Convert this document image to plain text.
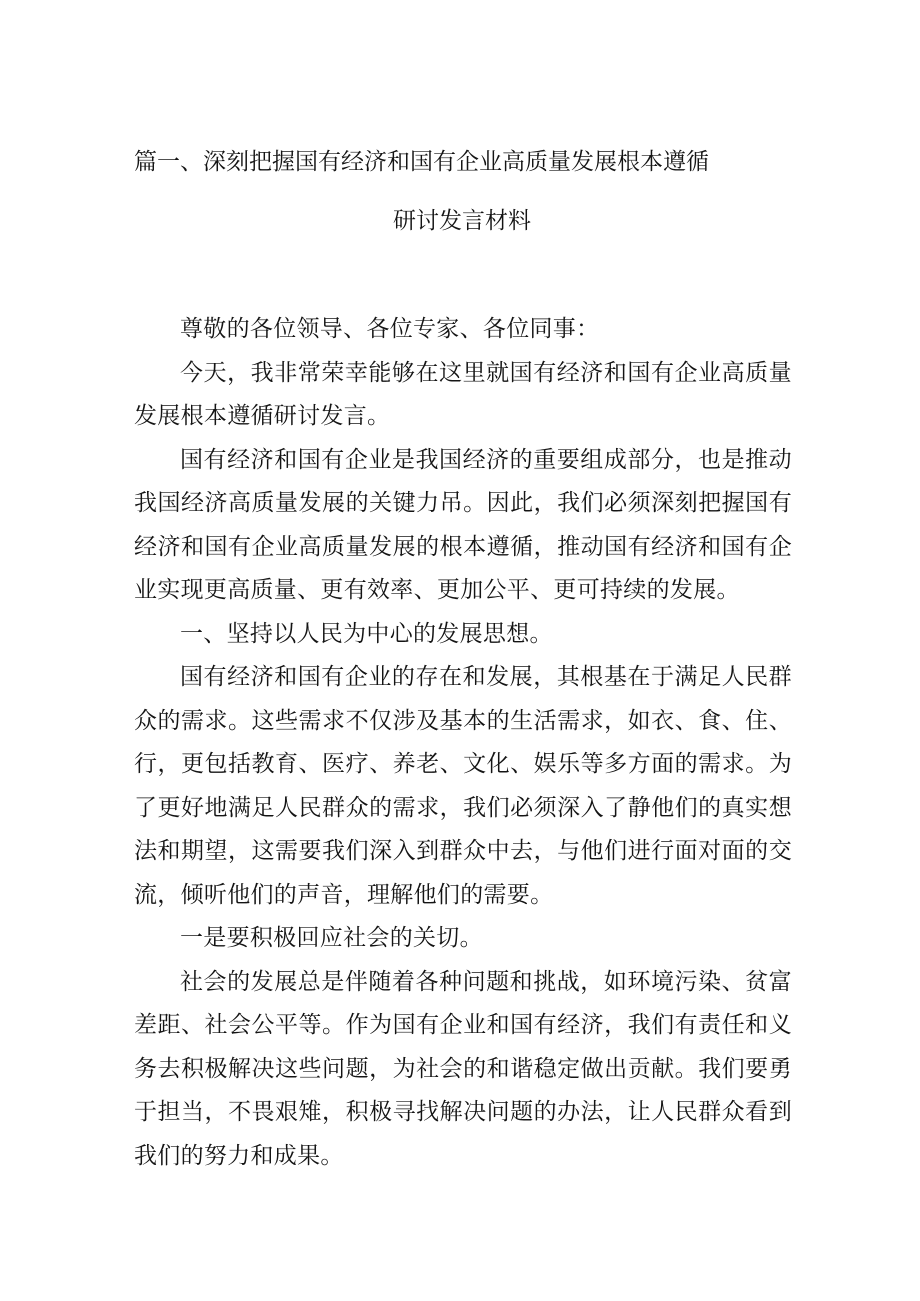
篇一、深刻把握国有经济和国有企业高质量发展根本遵循
研讨发言材料

尊敬的各位领导、各位专家、各位同事：

今天，我非常荣幸能够在这里就国有经济和国有企业高质量发展根本遵循研讨发言。

国有经济和国有企业是我国经济的重要组成部分，也是推动我国经济高质量发展的关键力吊。因此，我们必须深刻把握国有经济和国有企业高质量发展的根本遵循，推动国有经济和国有企业实现更高质量、更有效率、更加公平、更可持续的发展。

一、坚持以人民为中心的发展思想。

国有经济和国有企业的存在和发展，其根基在于满足人民群众的需求。这些需求不仅涉及基本的生活需求，如衣、食、住、行，更包括教育、医疗、养老、文化、娱乐等多方面的需求。为了更好地满足人民群众的需求，我们必须深入了静他们的真实想法和期望，这需要我们深入到群众中去，与他们进行面对面的交流，倾听他们的声音，理解他们的需要。

一是要积极回应社会的关切。

社会的发展总是伴随着各种问题和挑战，如环境污染、贫富差距、社会公平等。作为国有企业和国有经济，我们有责任和义务去积极解决这些问题，为社会的和谐稳定做出贡献。我们要勇于担当，不畏艰雉，积极寻找解决问题的办法，让人民群众看到我们的努力和成果。
